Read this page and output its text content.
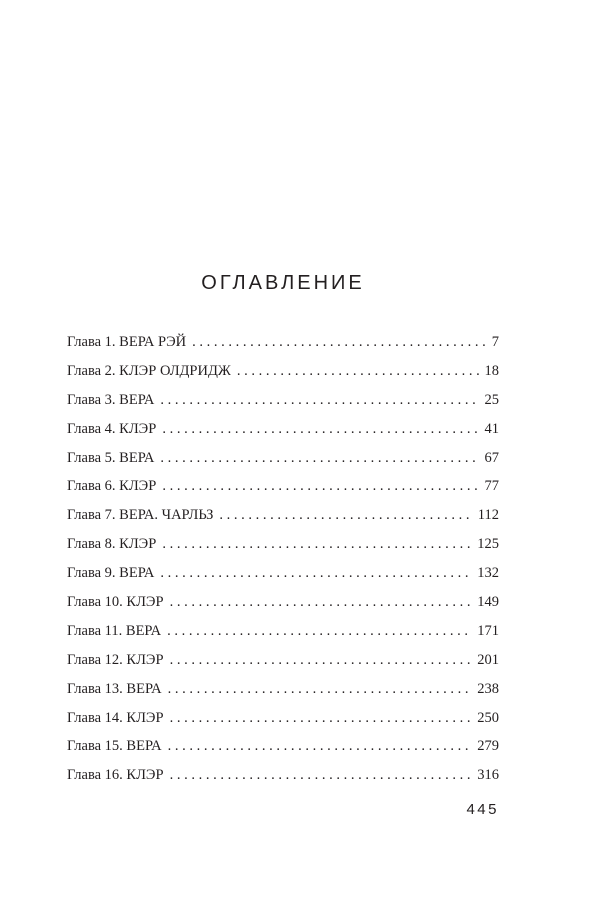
ОГЛАВЛЕНИЕ
Глава 1. ВЕРА РЭЙ . . .	7
Глава 2. КЛЭР ОЛДРИДЖ . . .	18
Глава 3. ВЕРА . . .	25
Глава 4. КЛЭР . . .	41
Глава 5. ВЕРА . . .	67
Глава 6. КЛЭР . . .	77
Глава 7. ВЕРА. ЧАРЛЬЗ . . .	112
Глава 8. КЛЭР . . .	125
Глава 9. ВЕРА . . .	132
Глава 10. КЛЭР . . .	149
Глава 11. ВЕРА . . .	171
Глава 12. КЛЭР . . .	201
Глава 13. ВЕРА . . .	238
Глава 14. КЛЭР . . .	250
Глава 15. ВЕРА . . .	279
Глава 16. КЛЭР . . .	316
445
